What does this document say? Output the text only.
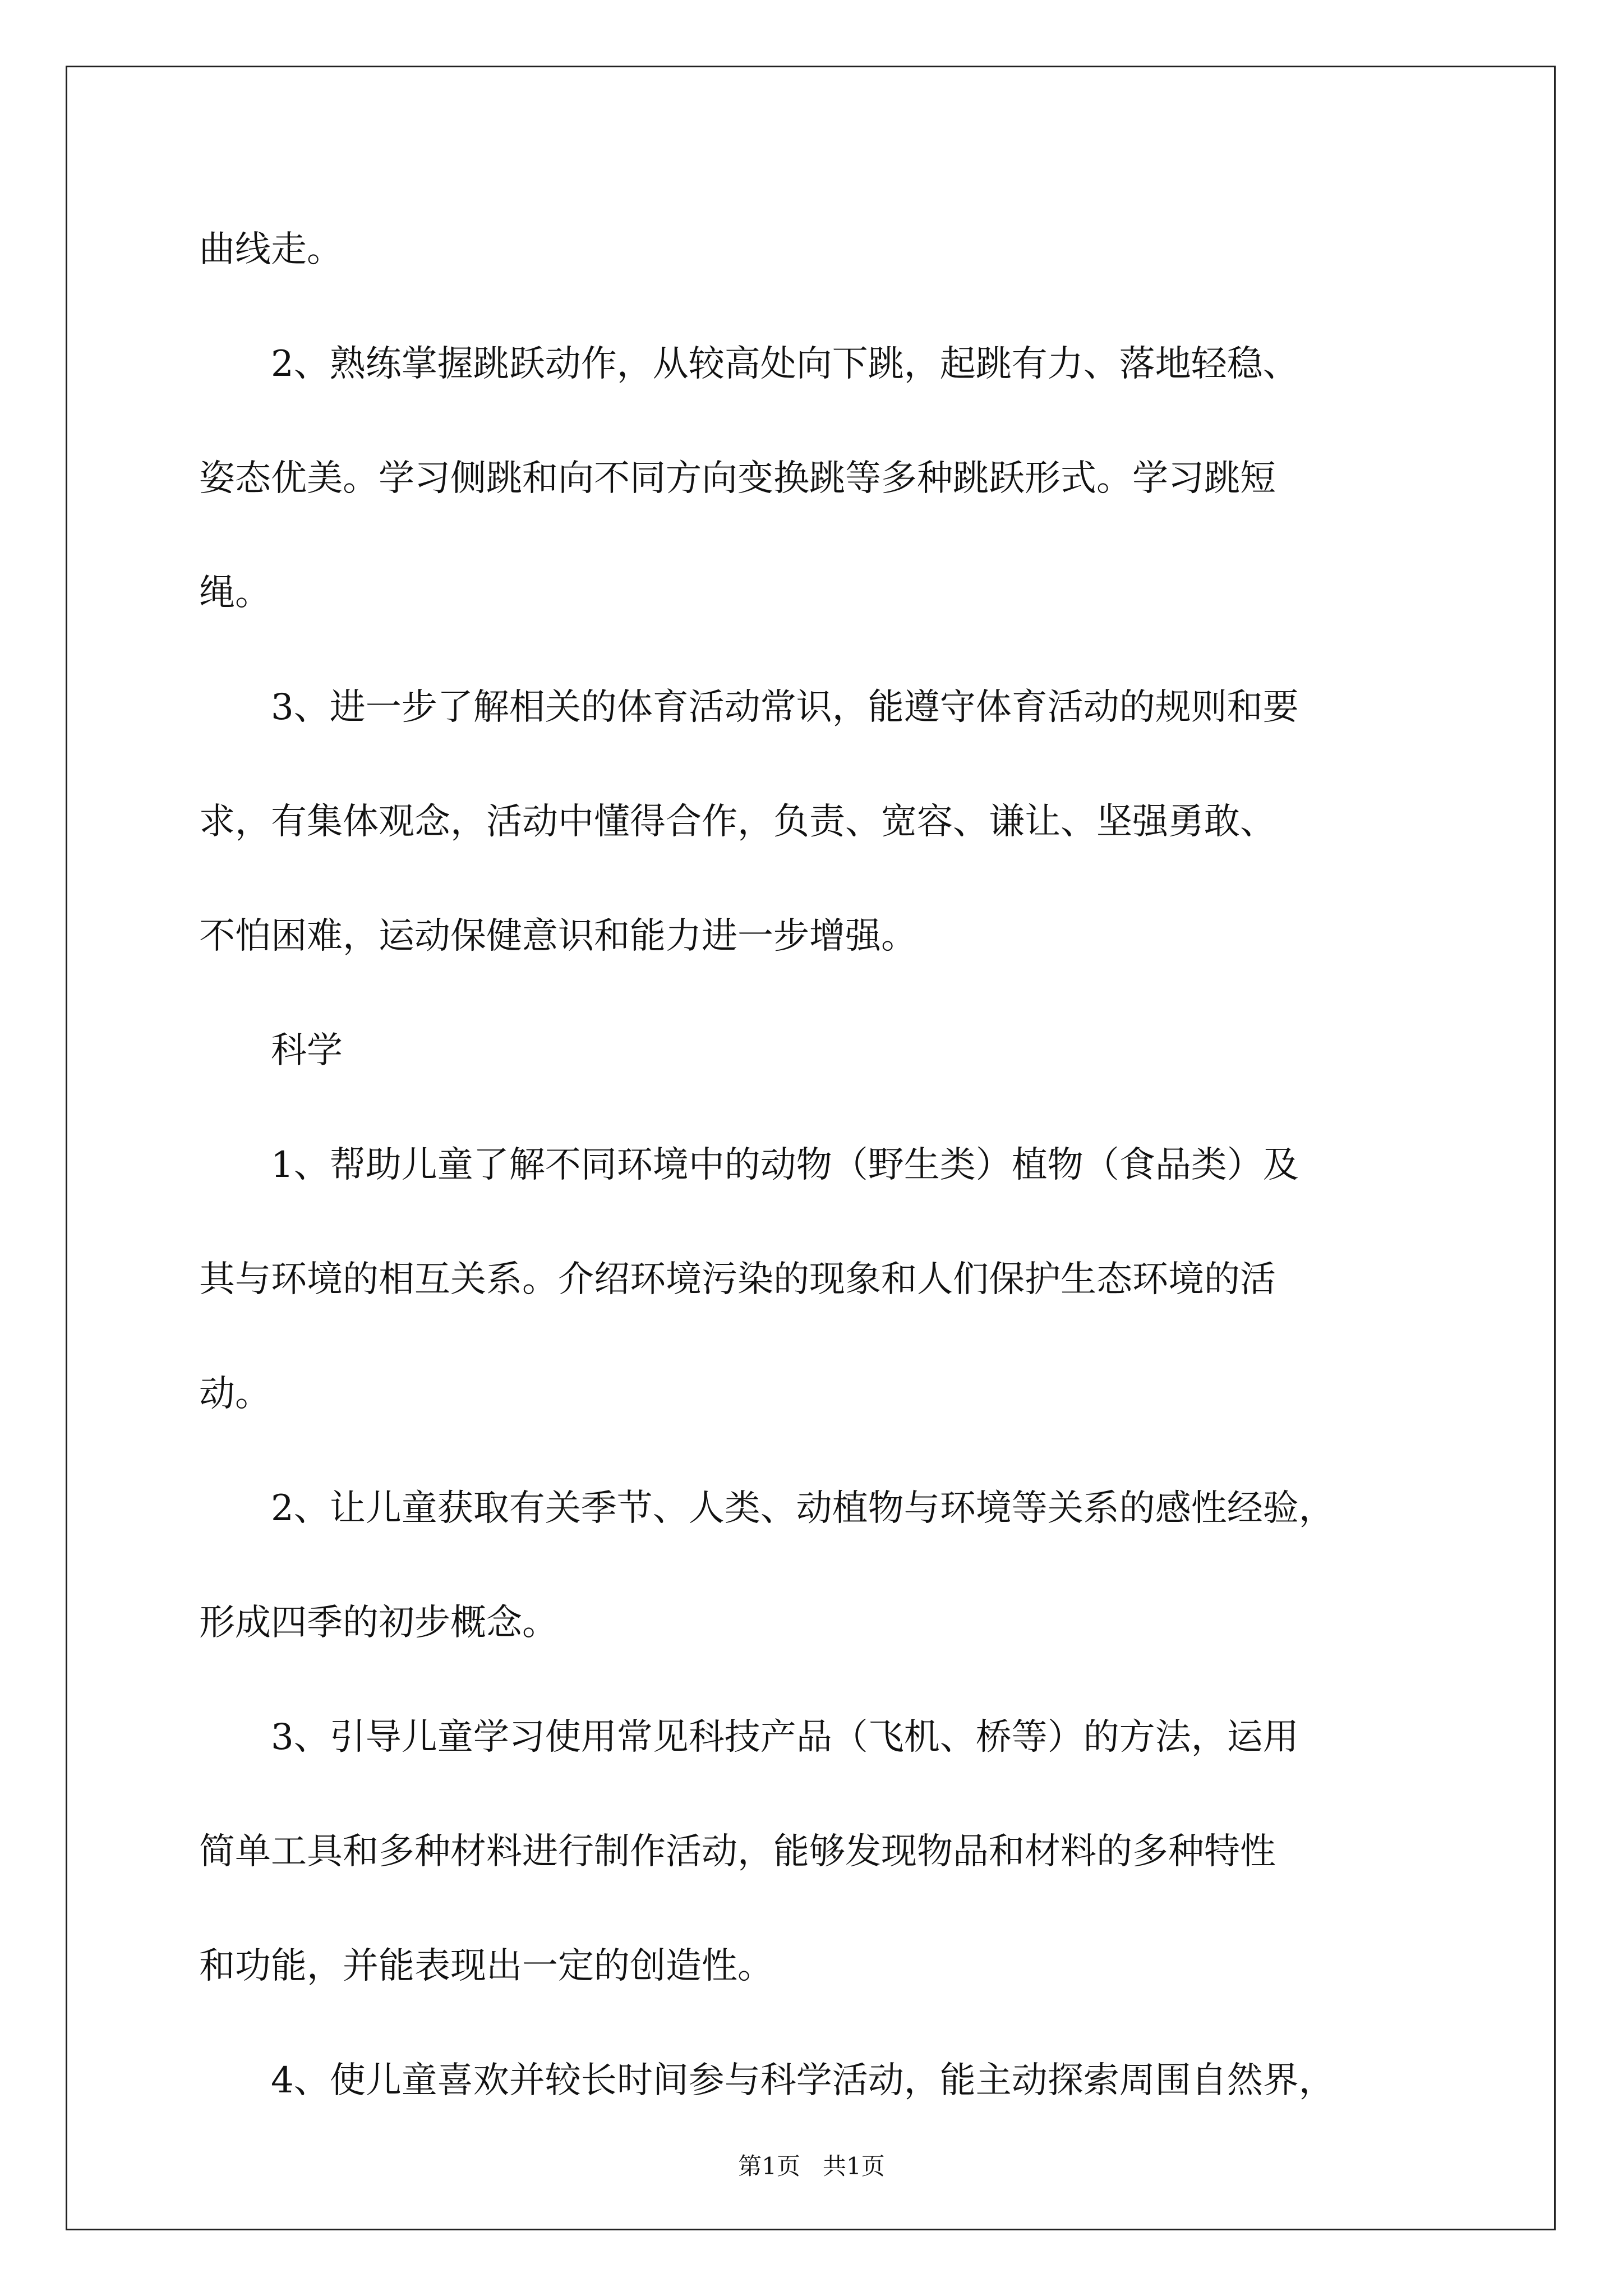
曲线走。
2、熟练掌握跳跃动作，从较高处向下跳，起跳有力、落地轻稳、
姿态优美。学习侧跳和向不同方向变换跳等多种跳跃形式。学习跳短
绳。
3、进一步了解相关的体育活动常识，能遵守体育活动的规则和要
求，有集体观念，活动中懂得合作，负责、宽容、谦让、坚强勇敢、
不怕困难，运动保健意识和能力进一步增强。
科学
1、帮助儿童了解不同环境中的动物（野生类）植物（食品类）及
其与环境的相互关系。介绍环境污染的现象和人们保护生态环境的活
动。
2、让儿童获取有关季节、人类、动植物与环境等关系的感性经验，
形成四季的初步概念。
3、引导儿童学习使用常见科技产品（飞机、桥等）的方法，运用
简单工具和多种材料进行制作活动，能够发现物品和材料的多种特性
和功能，并能表现出一定的创造性。
4、使儿童喜欢并较长时间参与科学活动，能主动探索周围自然界，
第1页   共1页
